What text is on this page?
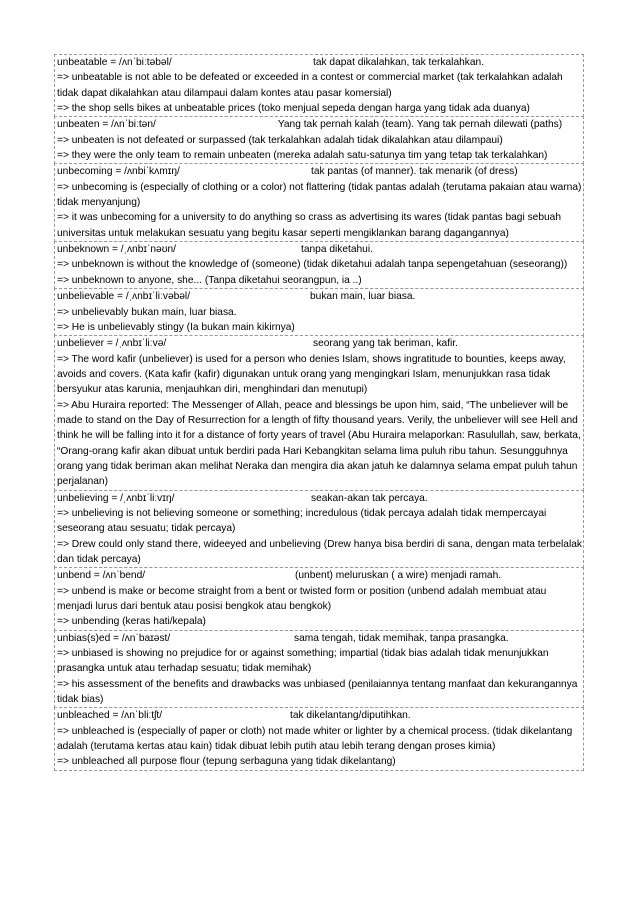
unbeatable = /ʌnˈbiːtəbəl/	tak dapat dikalahkan, tak terkalahkan.

=> unbeatable is not able to be defeated or exceeded in a contest or commercial market (tak terkalahkan adalah tidak dapat dikalahkan atau dilampaui dalam kontes atau pasar komersial)

=> the shop sells bikes at unbeatable prices (toko menjual sepeda dengan harga yang tidak ada duanya)

unbeaten = /ʌnˈbiːtən/	Yang tak pernah kalah (team). Yang tak pernah dilewati (paths)

=> unbeaten is not defeated or surpassed (tak terkalahkan adalah tidak dikalahkan atau dilampaui)

=> they were the only team to remain unbeaten (mereka adalah satu-satunya tim yang tetap tak terkalahkan)

unbecoming = /ʌnbiˈkʌmɪŋ/	tak pantas (of manner). tak menarik (of dress)

=> unbecoming is (especially of clothing or a color) not flattering (tidak pantas adalah (terutama pakaian atau warna) tidak menyanjung)

=> it was unbecoming for a university to do anything so crass as advertising its wares (tidak pantas bagi sebuah universitas untuk melakukan sesuatu yang begitu kasar seperti mengiklankan barang dagangannya)

unbeknown = /ˌʌnbɪˈnəʊn/	tanpa diketahui.

=> unbeknown is without the knowledge of (someone) (tidak diketahui adalah tanpa sepengetahuan (seseorang))

=> unbeknown to anyone, she... (Tanpa diketahui seorangpun, ia ..)

unbelievable = /ˌʌnbɪˈliːvəbəl/	bukan main, luar biasa.

=> unbelievably bukan main, luar biasa.

=> He is unbelievably stingy (Ia bukan main kikirnya)

unbeliever = /ˌʌnbɪˈliːvə/	seorang yang tak beriman, kafir.

=> The word kafir (unbeliever) is used for a person who denies Islam, shows ingratitude to bounties, keeps away, avoids and covers. (Kata kafir (kafir) digunakan untuk orang yang mengingkari Islam, menunjukkan rasa tidak bersyukur atas karunia, menjauhkan diri, menghindari dan menutupi)

=> Abu Huraira reported: The Messenger of Allah, peace and blessings be upon him, said, “The unbeliever will be made to stand on the Day of Resurrection for a length of fifty thousand years. Verily, the unbeliever will see Hell and think he will be falling into it for a distance of forty years of travel (Abu Huraira melaporkan: Rasulullah, saw, berkata, “Orang-orang kafir akan dibuat untuk berdiri pada Hari Kebangkitan selama lima puluh ribu tahun. Sesungguhnya orang yang tidak beriman akan melihat Neraka dan mengira dia akan jatuh ke dalamnya selama empat puluh tahun perjalanan)

unbelieving = /ˌʌnbɪˈliːvɪŋ/	seakan-akan tak percaya.

=> unbelieving is not believing someone or something; incredulous (tidak percaya adalah tidak mempercayai seseorang atau sesuatu; tidak percaya)

=> Drew could only stand there, wideeyed and unbelieving (Drew hanya bisa berdiri di sana, dengan mata terbelalak dan tidak percaya)

unbend = /ʌnˈbend/	(unbent) meluruskan ( a wire) menjadi ramah.

=> unbend is make or become straight from a bent or twisted form or position (unbend adalah membuat atau menjadi lurus dari bentuk atau posisi bengkok atau bengkok)

=> unbending (keras hati/kepala)

unbias(s)ed = /ʌnˈbaɪəst/	sama tengah, tidak memihak, tanpa prasangka.

=> unbiased is showing no prejudice for or against something; impartial (tidak bias adalah tidak menunjukkan prasangka untuk atau terhadap sesuatu; tidak memihak)

=> his assessment of the benefits and drawbacks was unbiased (penilaiannya tentang manfaat dan kekurangannya tidak bias)

unbleached = /ʌnˈbliːtʃt/	tak dikelantang/diputihkan.

=> unbleached is (especially of paper or cloth) not made whiter or lighter by a chemical process. (tidak dikelantang adalah (terutama kertas atau kain) tidak dibuat lebih putih atau lebih terang dengan proses kimia)

=> unbleached all purpose flour (tepung serbaguna yang tidak dikelantang)
